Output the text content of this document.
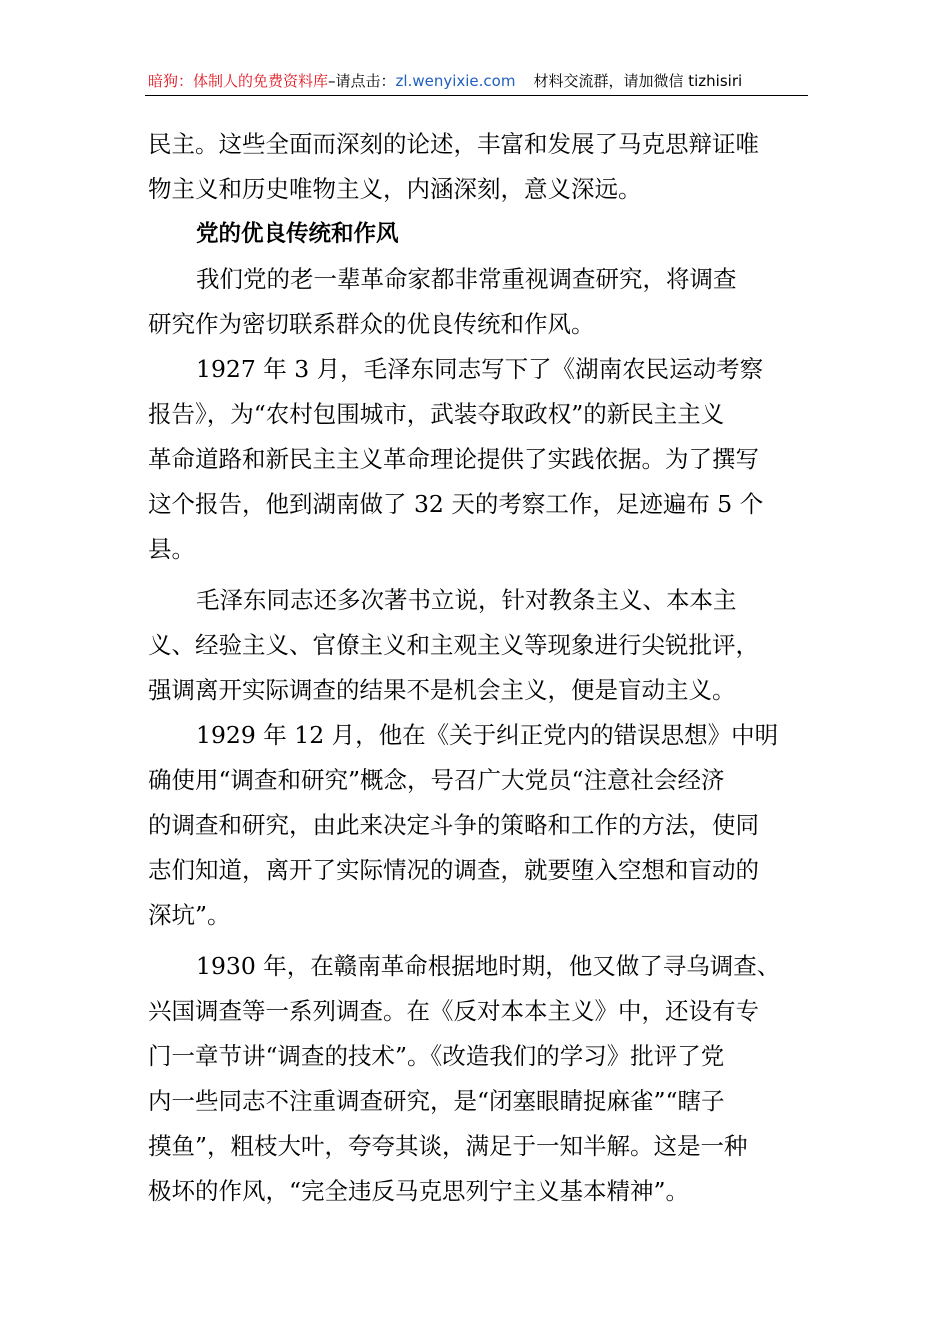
暗狗：体制人的免费资料库–请点击：zl.wenyixie.com 材料交流群，请加微信 tizhisiri
民主。这些全面而深刻的论述，丰富和发展了马克思辩证唯
物主义和历史唯物主义，内涵深刻，意义深远。
党的优良传统和作风
我们党的老一辈革命家都非常重视调查研究，将调查
研究作为密切联系群众的优良传统和作风。
1927 年 3 月，毛泽东同志写下了《湖南农民运动考察
报告》，为“农村包围城市，武装夺取政权”的新民主主义
革命道路和新民主主义革命理论提供了实践依据。为了撰写
这个报告，他到湖南做了 32 天的考察工作，足迹遍布 5 个
县。
毛泽东同志还多次著书立说，针对教条主义、本本主
义、经验主义、官僚主义和主观主义等现象进行尖锐批评，
强调离开实际调查的结果不是机会主义，便是盲动主义。
1929 年 12 月，他在《关于纠正党内的错误思想》中明
确使用“调查和研究”概念，号召广大党员“注意社会经济
的调查和研究，由此来决定斗争的策略和工作的方法，使同
志们知道，离开了实际情况的调查，就要堕入空想和盲动的
深坑”。
1930 年，在赣南革命根据地时期，他又做了寻乌调查、
兴国调查等一系列调查。在《反对本本主义》中，还设有专
门一章节讲“调查的技术”。《改造我们的学习》批评了党
内一些同志不注重调查研究，是“闭塞眼睛捉麻雀”“瞎子
摸鱼”，粗枝大叶，夸夸其谈，满足于一知半解。这是一种
极坏的作风，“完全违反马克思列宁主义基本精神”。
